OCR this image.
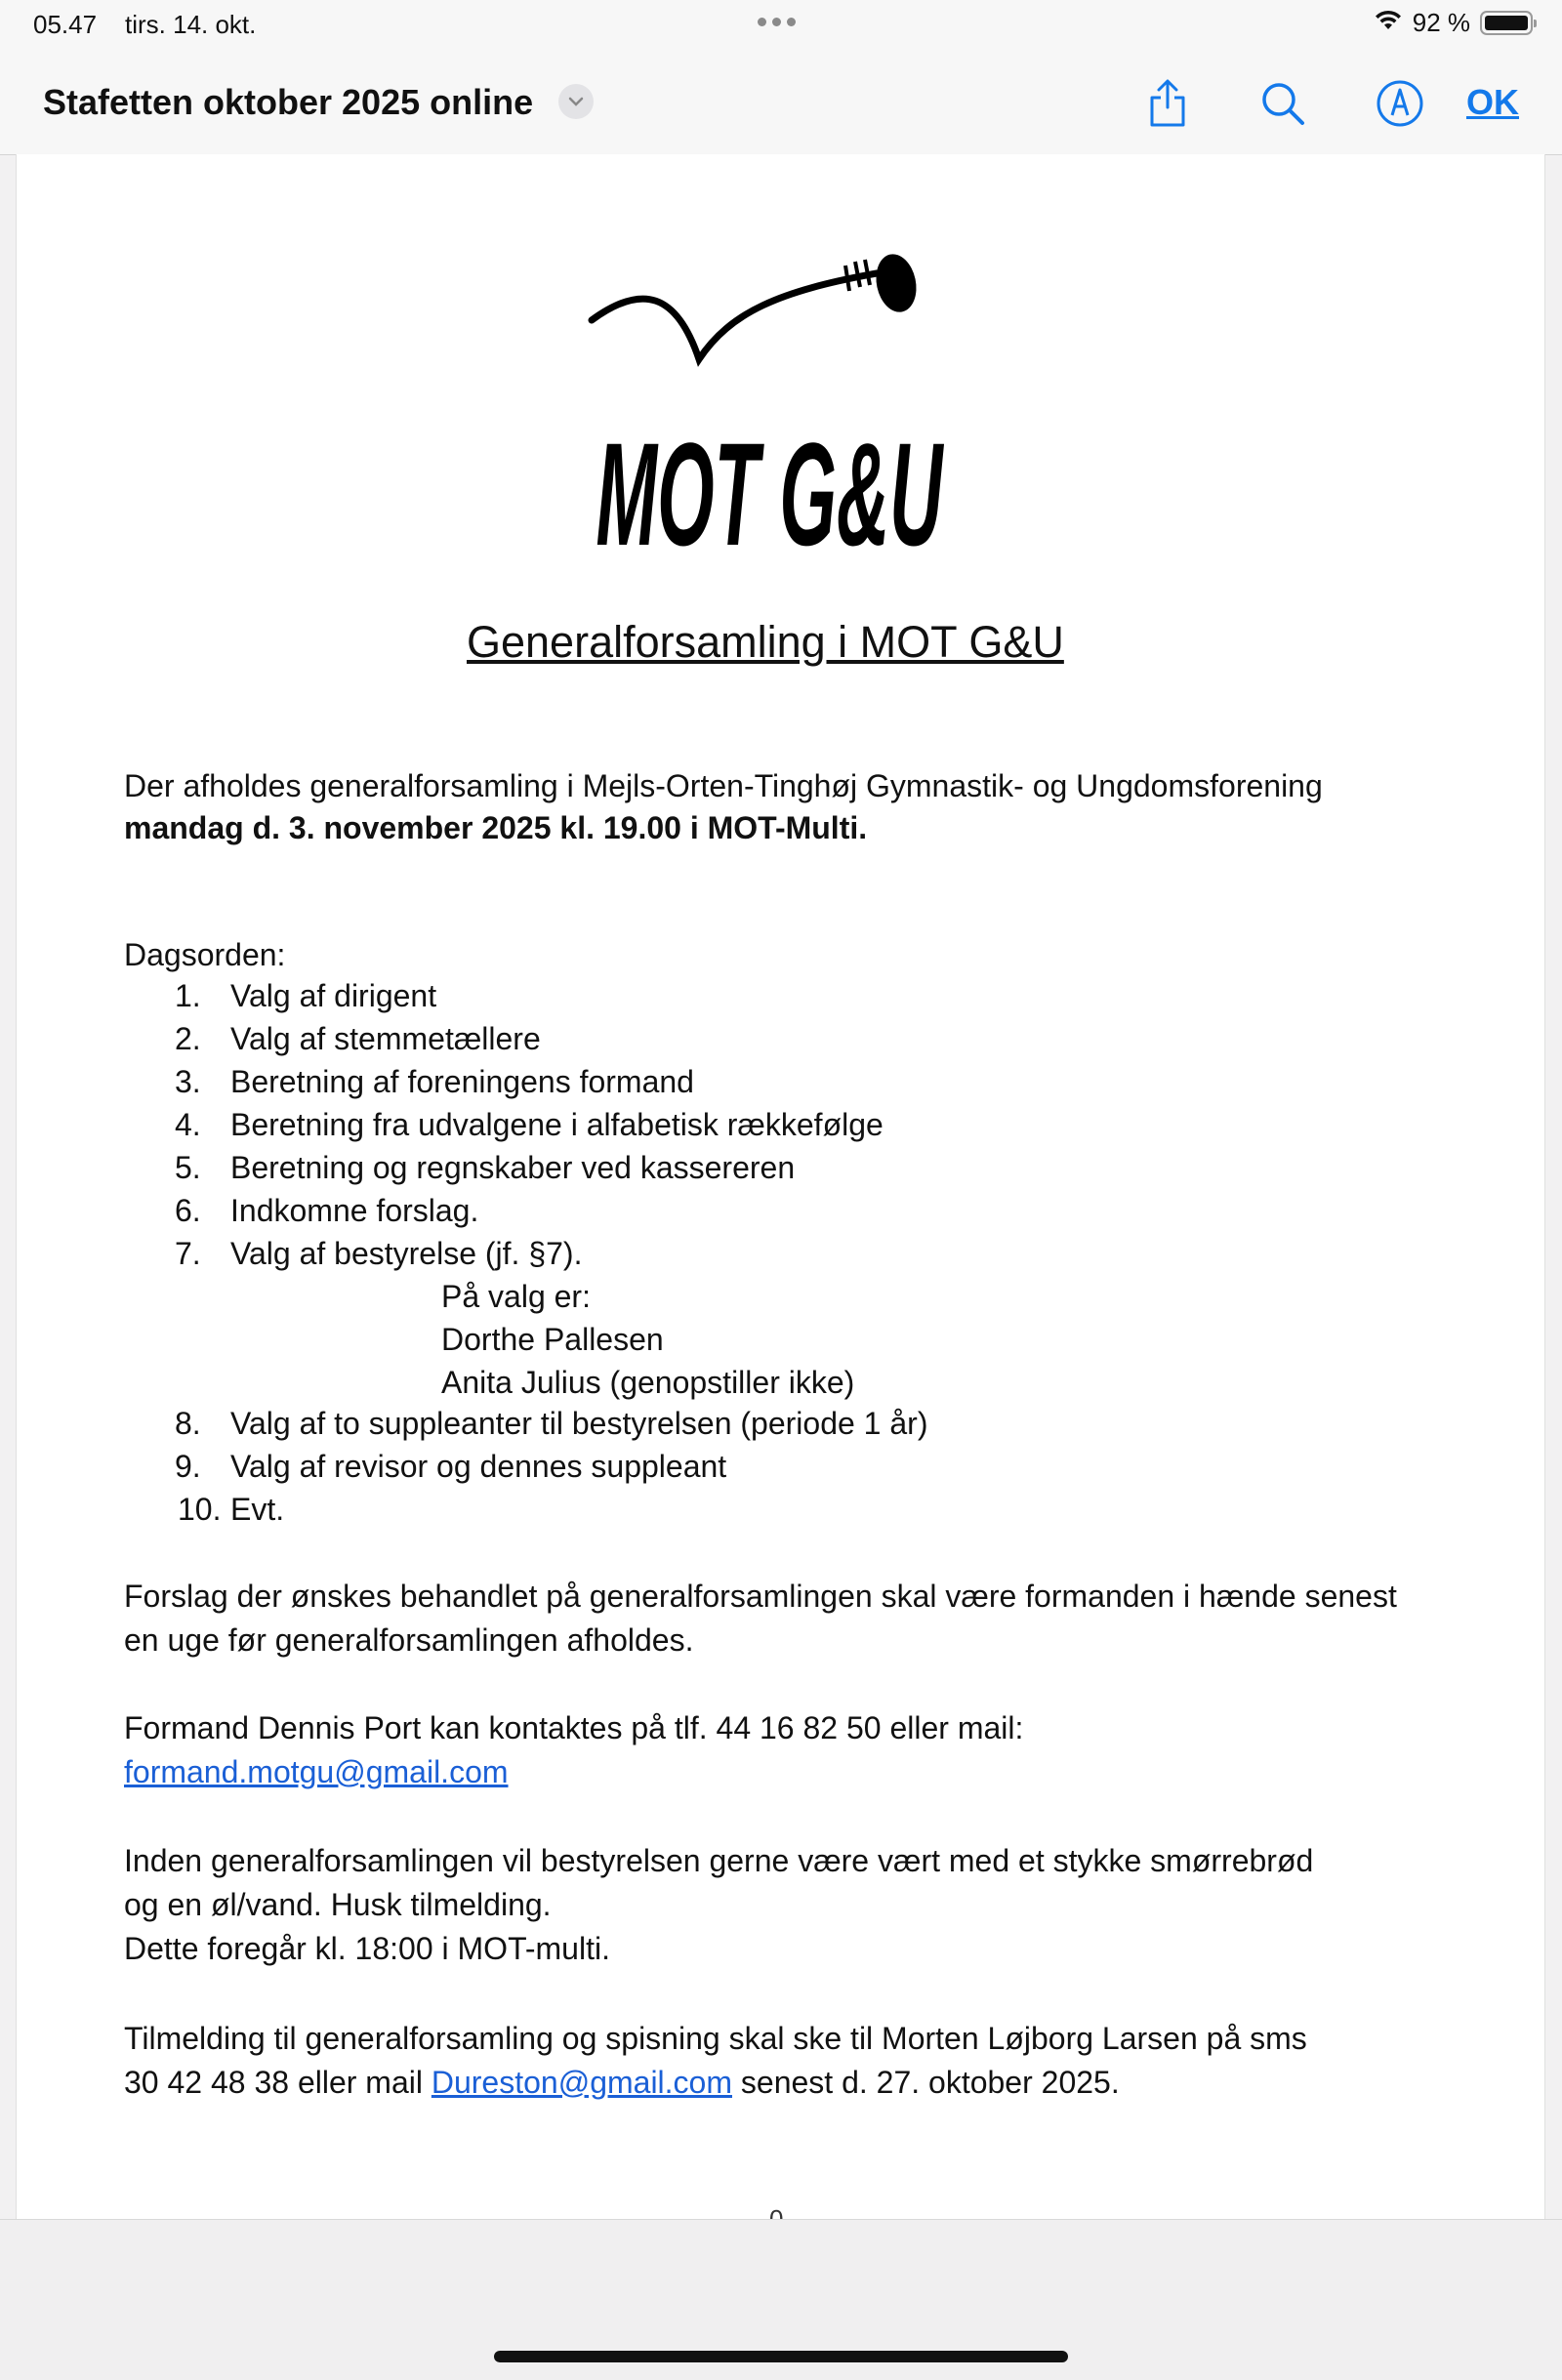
05.47 tirs. 14. okt.	92 %
Stafetten oktober 2025 online	OK
MOT G&U
Generalforsamling i MOT G&U
Der afholdes generalforsamling i Mejls-Orten-Tinghøj Gymnastik- og Ungdomsforening
mandag d. 3. november 2025 kl. 19.00 i MOT-Multi.
Dagsorden:
1. Valg af dirigent
2. Valg af stemmetællere
3. Beretning af foreningens formand
4. Beretning fra udvalgene i alfabetisk rækkefølge
5. Beretning og regnskaber ved kassereren
6. Indkomne forslag.
7. Valg af bestyrelse (jf. §7).
8. Valg af to suppleanter til bestyrelsen (periode 1 år)
9. Valg af revisor og dennes suppleant
10. Evt.
På valg er:
Dorthe Pallesen
Anita Julius (genopstiller ikke)
Forslag der ønskes behandlet på generalforsamlingen skal være formanden i hænde senest
en uge før generalforsamlingen afholdes.
Formand Dennis Port kan kontaktes på tlf. 44 16 82 50 eller mail:
formand.motgu@gmail.com
Inden generalforsamlingen vil bestyrelsen gerne være vært med et stykke smørrebrød
og en øl/vand. Husk tilmelding.
Dette foregår kl. 18:00 i MOT-multi.
Tilmelding til generalforsamling og spisning skal ske til Morten Løjborg Larsen på sms
30 42 48 38 eller mail Dureston@gmail.com senest d. 27. oktober 2025.
